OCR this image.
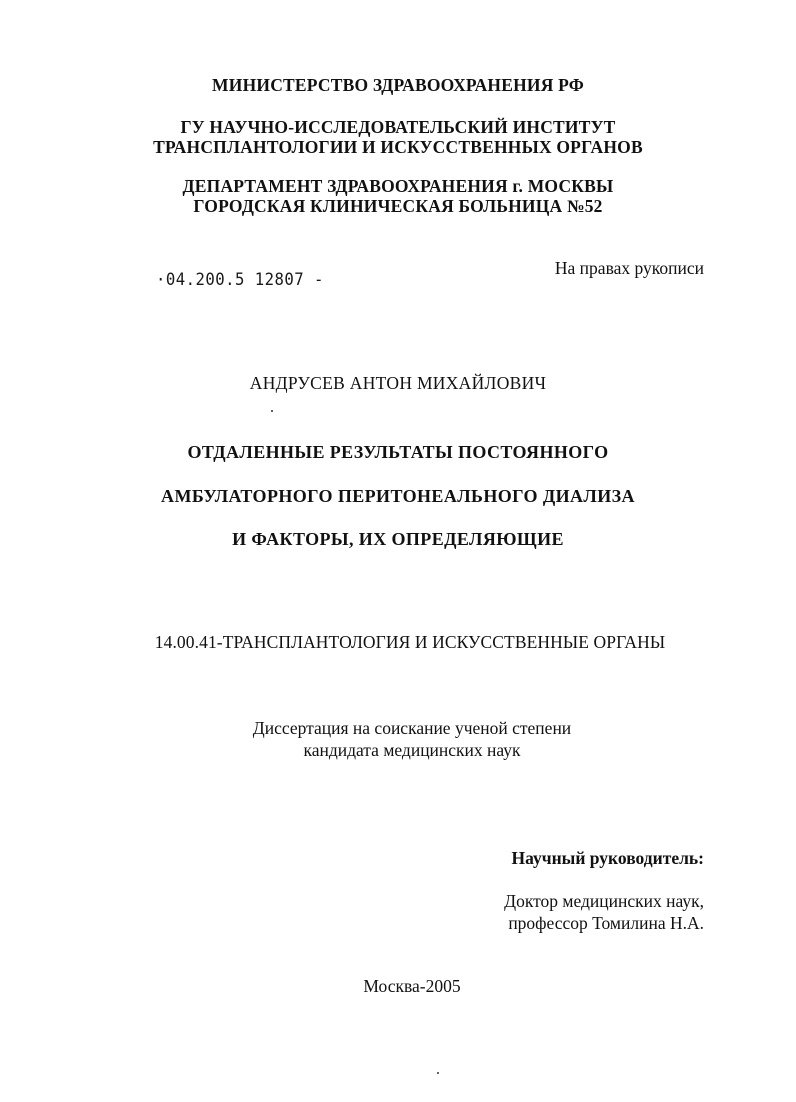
МИНИСТЕРСТВО ЗДРАВООХРАНЕНИЯ РФ
ГУ НАУЧНО-ИССЛЕДОВАТЕЛЬСКИЙ ИНСТИТУТ
ТРАНСПЛАНТОЛОГИИ И ИСКУССТВЕННЫХ ОРГАНОВ
ДЕПАРТАМЕНТ ЗДРАВООХРАНЕНИЯ г. МОСКВЫ
ГОРОДСКАЯ КЛИНИЧЕСКАЯ БОЛЬНИЦА №52
·04.200.5 12807 -
На правах рукописи
АНДРУСЕВ АНТОН МИХАЙЛОВИЧ
ОТДАЛЕННЫЕ РЕЗУЛЬТАТЫ ПОСТОЯННОГО
АМБУЛАТОРНОГО ПЕРИТОНЕАЛЬНОГО ДИАЛИЗА
И ФАКТОРЫ, ИХ ОПРЕДЕЛЯЮЩИЕ
14.00.41-ТРАНСПЛАНТОЛОГИЯ И ИСКУССТВЕННЫЕ ОРГАНЫ
Диссертация на соискание ученой степени
кандидата медицинских наук
Научный руководитель:
Доктор медицинских наук,
профессор Томилина Н.А.
Москва-2005
